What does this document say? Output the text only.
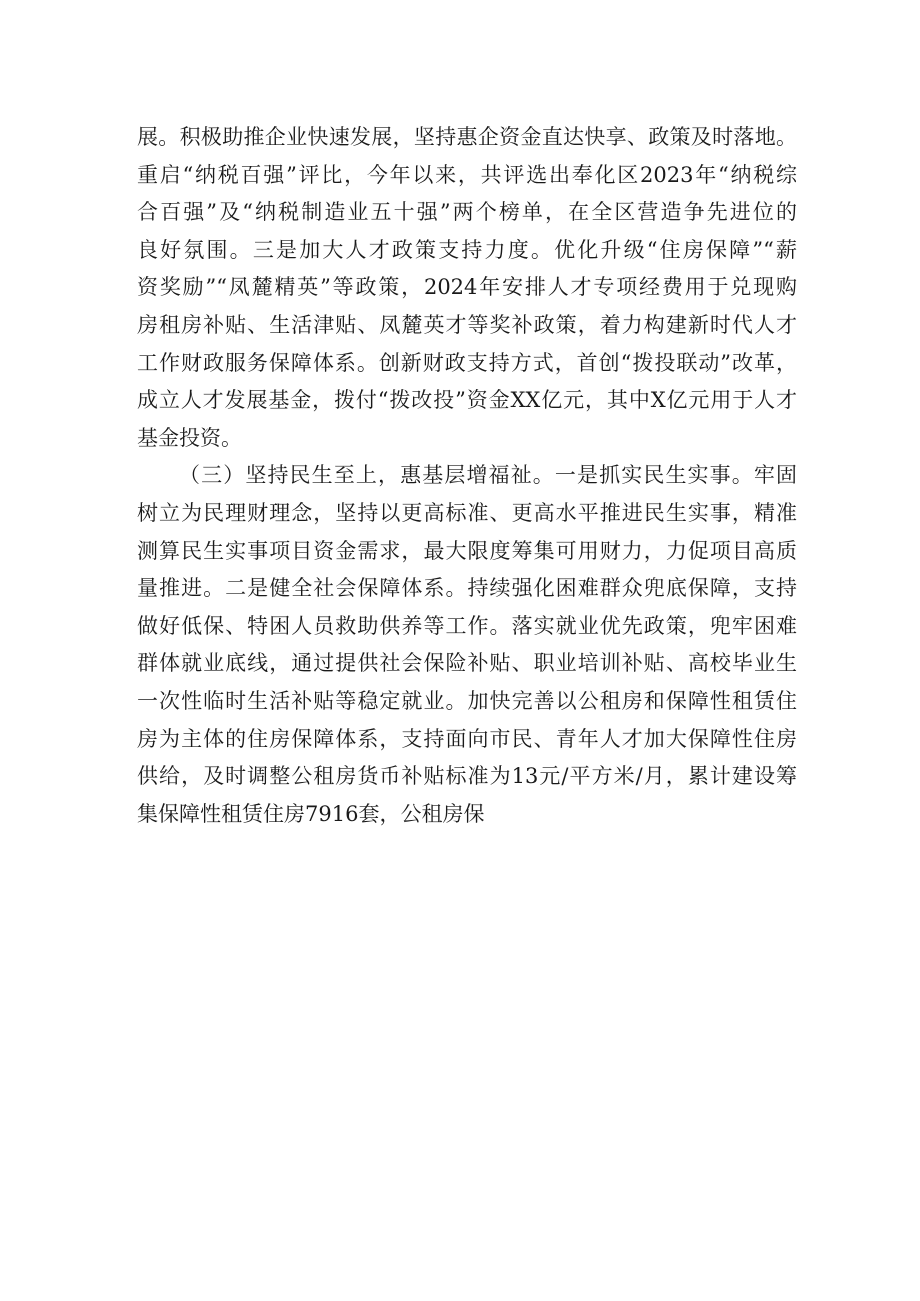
展。积极助推企业快速发展，坚持惠企资金直达快享、政策及时落地。
重启“纳税百强”评比，今年以来，共评选出奉化区2023年“纳税综
合百强”及“纳税制造业五十强”两个榜单，在全区营造争先进位的
良好氛围。三是加大人才政策支持力度。优化升级“住房保障”“薪
资奖励”“凤麓精英”等政策，2024年安排人才专项经费用于兑现购
房租房补贴、生活津贴、凤麓英才等奖补政策，着力构建新时代人才
工作财政服务保障体系。创新财政支持方式，首创“拨投联动”改革，
成立人才发展基金，拨付“拨改投”资金XX亿元，其中X亿元用于人才
基金投资。
（三）坚持民生至上，惠基层增福祉。一是抓实民生实事。牢固
树立为民理财理念，坚持以更高标准、更高水平推进民生实事，精准
测算民生实事项目资金需求，最大限度筹集可用财力，力促项目高质
量推进。二是健全社会保障体系。持续强化困难群众兜底保障，支持
做好低保、特困人员救助供养等工作。落实就业优先政策，兜牢困难
群体就业底线，通过提供社会保险补贴、职业培训补贴、高校毕业生
一次性临时生活补贴等稳定就业。加快完善以公租房和保障性租赁住
房为主体的住房保障体系，支持面向市民、青年人才加大保障性住房
供给，及时调整公租房货币补贴标准为13元/平方米/月，累计建设筹
集保障性租赁住房7916套，公租房保
